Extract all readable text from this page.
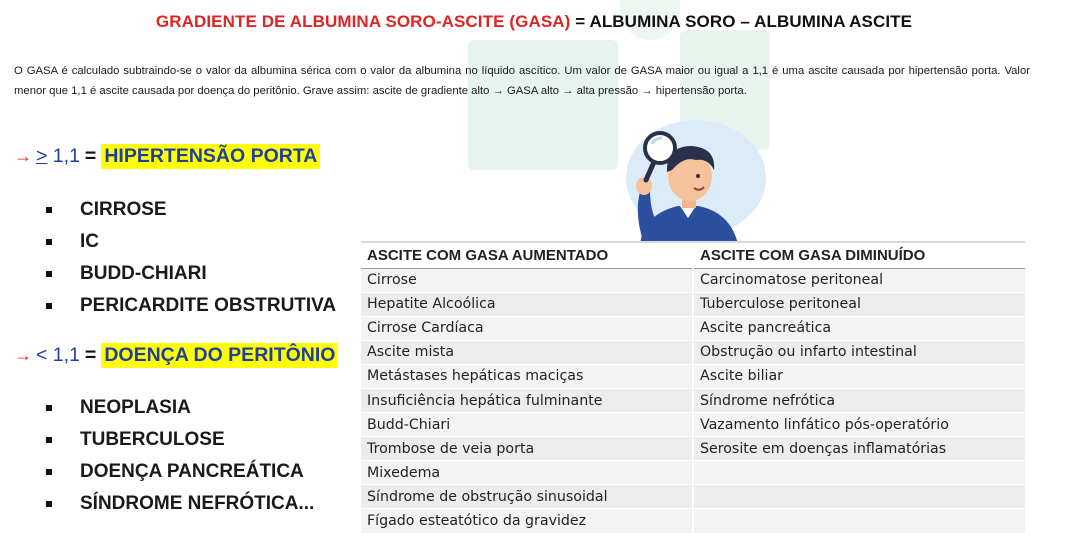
GRADIENTE DE ALBUMINA SORO-ASCITE (GASA) = ALBUMINA SORO – ALBUMINA ASCITE

O GASA é calculado subtraindo-se o valor da albumina sérica com o valor da albumina no líquido ascítico. Um valor de GASA maior ou igual a 1,1 é uma ascite causada por hipertensão porta. Valor menor que 1,1 é ascite causada por doença do peritônio. Grave assim: ascite de gradiente alto → GASA alto → alta pressão → hipertensão porta.

→ ≥ 1,1 = HIPERTENSÃO PORTA
CIRROSE
IC
BUDD-CHIARI
PERICARDITE OBSTRUTIVA
→ < 1,1 = DOENÇA DO PERITÔNIO
NEOPLASIA
TUBERCULOSE
DOENÇA PANCREÁTICA
SÍNDROME NEFRÓTICA...
ASCITE COM GASA AUMENTADO	ASCITE COM GASA DIMINUÍDO
Cirrose	Carcinomatose peritoneal
Hepatite Alcoólica	Tuberculose peritoneal
Cirrose Cardíaca	Ascite pancreática
Ascite mista	Obstrução ou infarto intestinal
Metástases hepáticas maciças	Ascite biliar
Insuficiência hepática fulminante	Síndrome nefrótica
Budd-Chiari	Vazamento linfático pós-operatório
Trombose de veia porta	Serosite em doenças inflamatórias
Mixedema	
Síndrome de obstrução sinusoidal	
Fígado esteatótico da gravidez	
